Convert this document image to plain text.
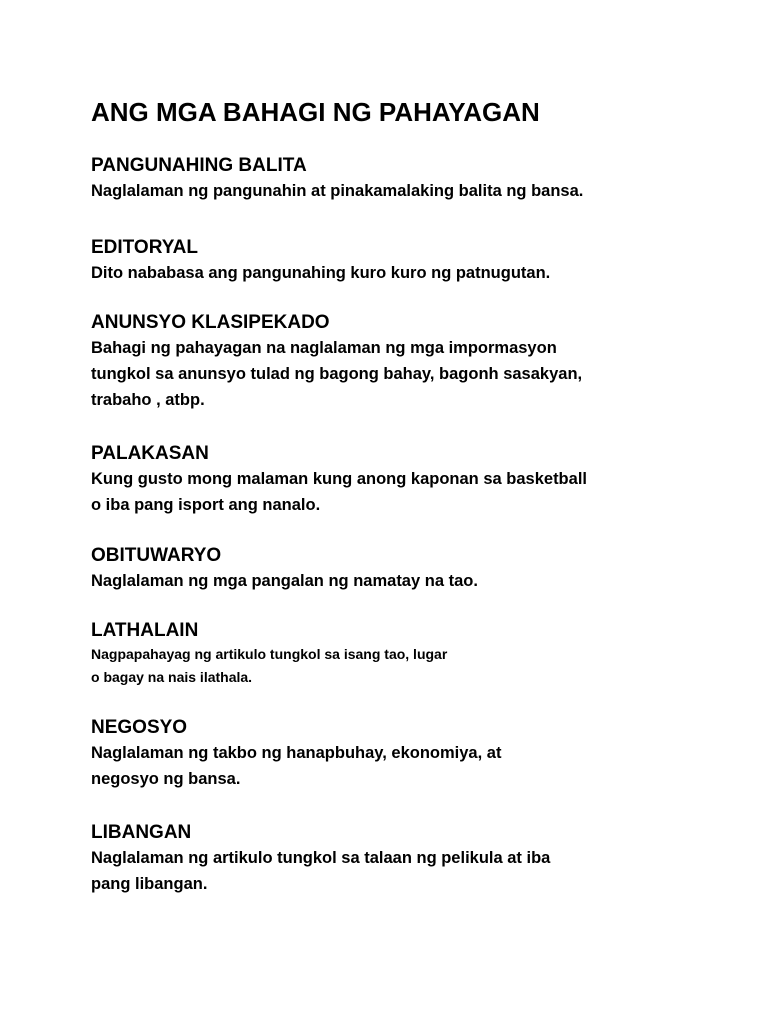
ANG MGA BAHAGI NG PAHAYAGAN
PANGUNAHING BALITA
Naglalaman ng pangunahin at pinakamalaking balita ng bansa.
EDITORYAL
Dito nababasa ang pangunahing kuro kuro ng patnugutan.
ANUNSYO KLASIPEKADO
Bahagi ng pahayagan na naglalaman ng mga impormasyon
tungkol sa anunsyo tulad ng bagong bahay, bagonh sasakyan,
trabaho , atbp.
PALAKASAN
Kung gusto mong malaman kung anong kaponan sa basketball
o iba pang isport ang nanalo.
OBITUWARYO
Naglalaman ng mga pangalan ng namatay na tao.
LATHALAIN
Nagpapahayag ng artikulo tungkol sa isang tao, lugar
o bagay na nais ilathala.
NEGOSYO
Naglalaman ng takbo ng hanapbuhay, ekonomiya, at
negosyo ng bansa.
LIBANGAN
Naglalaman ng artikulo tungkol sa talaan ng pelikula at iba
pang libangan.
